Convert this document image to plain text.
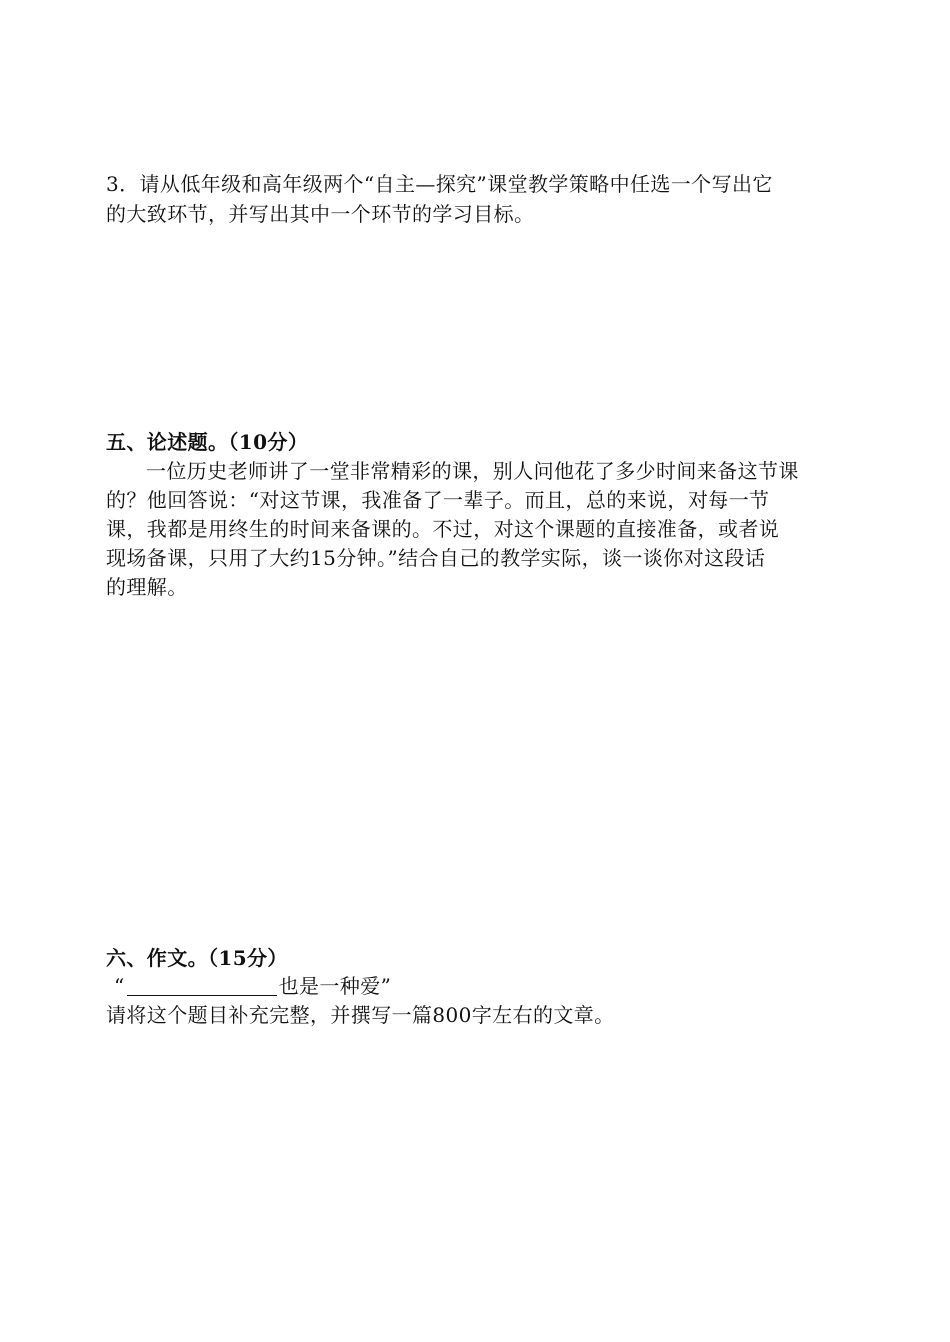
3．请从低年级和高年级两个“自主—探究”课堂教学策略中任选一个写出它
的大致环节，并写出其中一个环节的学习目标。
五、论述题。（10分）
一位历史老师讲了一堂非常精彩的课，别人问他花了多少时间来备这节课
的？他回答说：“对这节课，我准备了一辈子。而且，总的来说，对每一节
课，我都是用终生的时间来备课的。不过，对这个课题的直接准备，或者说
现场备课，只用了大约15分钟。”结合自己的教学实际，谈一谈你对这段话
的理解。
六、作文。（15分）
“	也是一种爱”
请将这个题目补充完整，并撰写一篇800字左右的文章。
